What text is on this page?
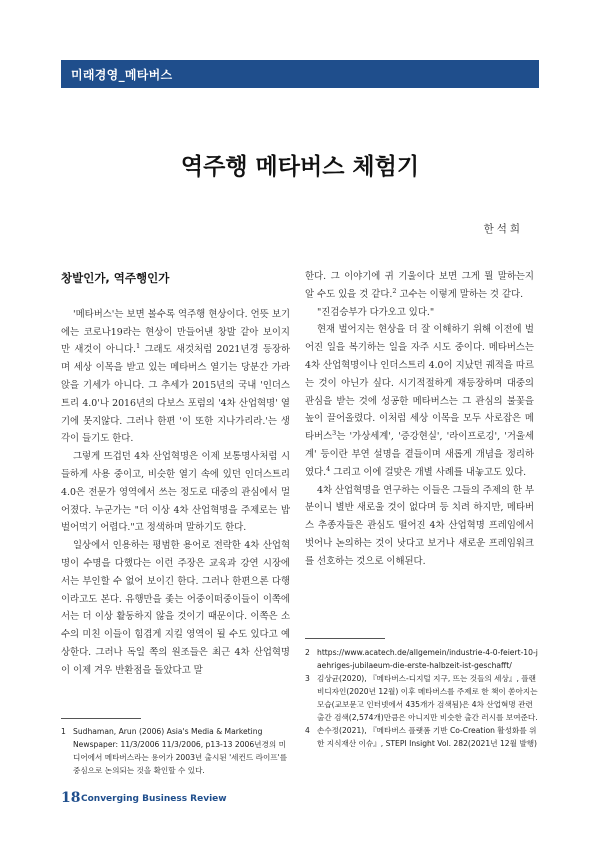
미래경영_메타버스
역주행 메타버스 체험기
한석희
창발인가, 역주행인가

'메타버스'는 보면 볼수록 역주행 현상이다. 언뜻 보기에는 코로나19라는 현상이 만들어낸 창발 같아 보이지만 새것이 아니다.$^1$ 그래도 새것처럼 2021년경 등장하며 세상 이목을 받고 있는 메타버스 열기는 당분간 가라앉을 기세가 아니다. 그 추세가 2015년의 국내 '인더스트리 4.0'나 2016년의 다보스 포럼의 '4차 산업혁명' 열기에 못지않다. 그러나 한편 '이 또한 지나가리라.'는 생각이 들기도 한다.

그렇게 뜨겁던 4차 산업혁명은 이제 보통명사처럼 시들하게 사용 중이고, 비슷한 열기 속에 있던 인더스트리 4.0은 전문가 영역에서 쓰는 정도로 대중의 관심에서 멀어졌다. 누군가는 "더 이상 4차 산업혁명을 주제로는 밥 벌어먹기 어렵다."고 정색하며 말하기도 한다.

일상에서 인용하는 평범한 용어로 전락한 4차 산업혁명이 수명을 다했다는 이런 주장은 교육과 강연 시장에서는 부인할 수 없어 보이긴 한다. 그러나 한편으론 다행이라고도 본다. 유행만을 좇는 어중이떠중이들이 이쪽에서는 더 이상 활동하지 않을 것이기 때문이다. 이쪽은 소수의 미친 이들이 힘겹게 지킬 영역이 될 수도 있다고 예상한다. 그러나 독일 쪽의 원조들은 최근 4차 산업혁명이 이제 겨우 반환점을 돌았다고 말

한다. 그 이야기에 귀 기울이다 보면 그게 뭘 말하는지 알 수도 있을 것 같다.$^2$ 고수는 이렇게 말하는 것 같다.

"진검승부가 다가오고 있다."

현재 벌어지는 현상을 더 잘 이해하기 위해 이전에 벌어진 일을 복기하는 일을 자주 시도 중이다. 메타버스는 4차 산업혁명이나 인더스트리 4.0이 지났던 궤적을 따르는 것이 아닌가 싶다. 시기적절하게 재등장하며 대중의 관심을 받는 것에 성공한 메타버스는 그 관심의 불꽃을 높이 끌어올렸다. 이처럼 세상 이목을 모두 사로잡은 메타버스$^3$는 '가상세계', '증강현실', '라이프로깅', '거울세계' 등이란 부연 설명을 곁들이며 새롭게 개념을 정리하였다.$^4$ 그리고 이에 걸맞은 개별 사례를 내놓고도 있다.

4차 산업혁명을 연구하는 이들은 그들의 주제의 한 부분이니 별반 새로울 것이 없다며 등 치려 하지만, 메타버스 추종자들은 관심도 떨어진 4차 산업혁명 프레임에서 벗어나 논의하는 것이 낫다고 보거나 새로운 프레임워크를 선호하는 것으로 이해된다.

2 https://www.acatech.de/allgemein/industrie-4-0-feiert-10-jaehriges-jubilaeum-die-erste-halbzeit-ist-geschafft/
3 김상균(2020), 『메타버스-디지털 지구, 뜨는 것들의 세상』, 플랜비디자인(2020년 12월) 이후 메타버스를 주제로 한 책이 쏟아지는 모습(교보문고 인터넷에서 435개가 검색됨)은 4차 산업혁명 관련 출간 검색(2,574개)만큼은 아니지만 비슷한 출간 러시를 보여준다.
4 손수정(2021), 『메타버스 플랫폼 기반 Co-Creation 활성화를 위한 지식재산 이슈』, STEPI Insight Vol. 282(2021년 12월 발행)
1 Sudhaman, Arun (2006) Asia's Media & Marketing Newspaper: 11/3/2006 11/3/2006, p13-13 2006년경의 미디어에서 메타버스라는 용어가 2003년 출시된 '세컨드 라이프'를 중심으로 논의되는 것을 확인할 수 있다.
18 Converging Business Review
